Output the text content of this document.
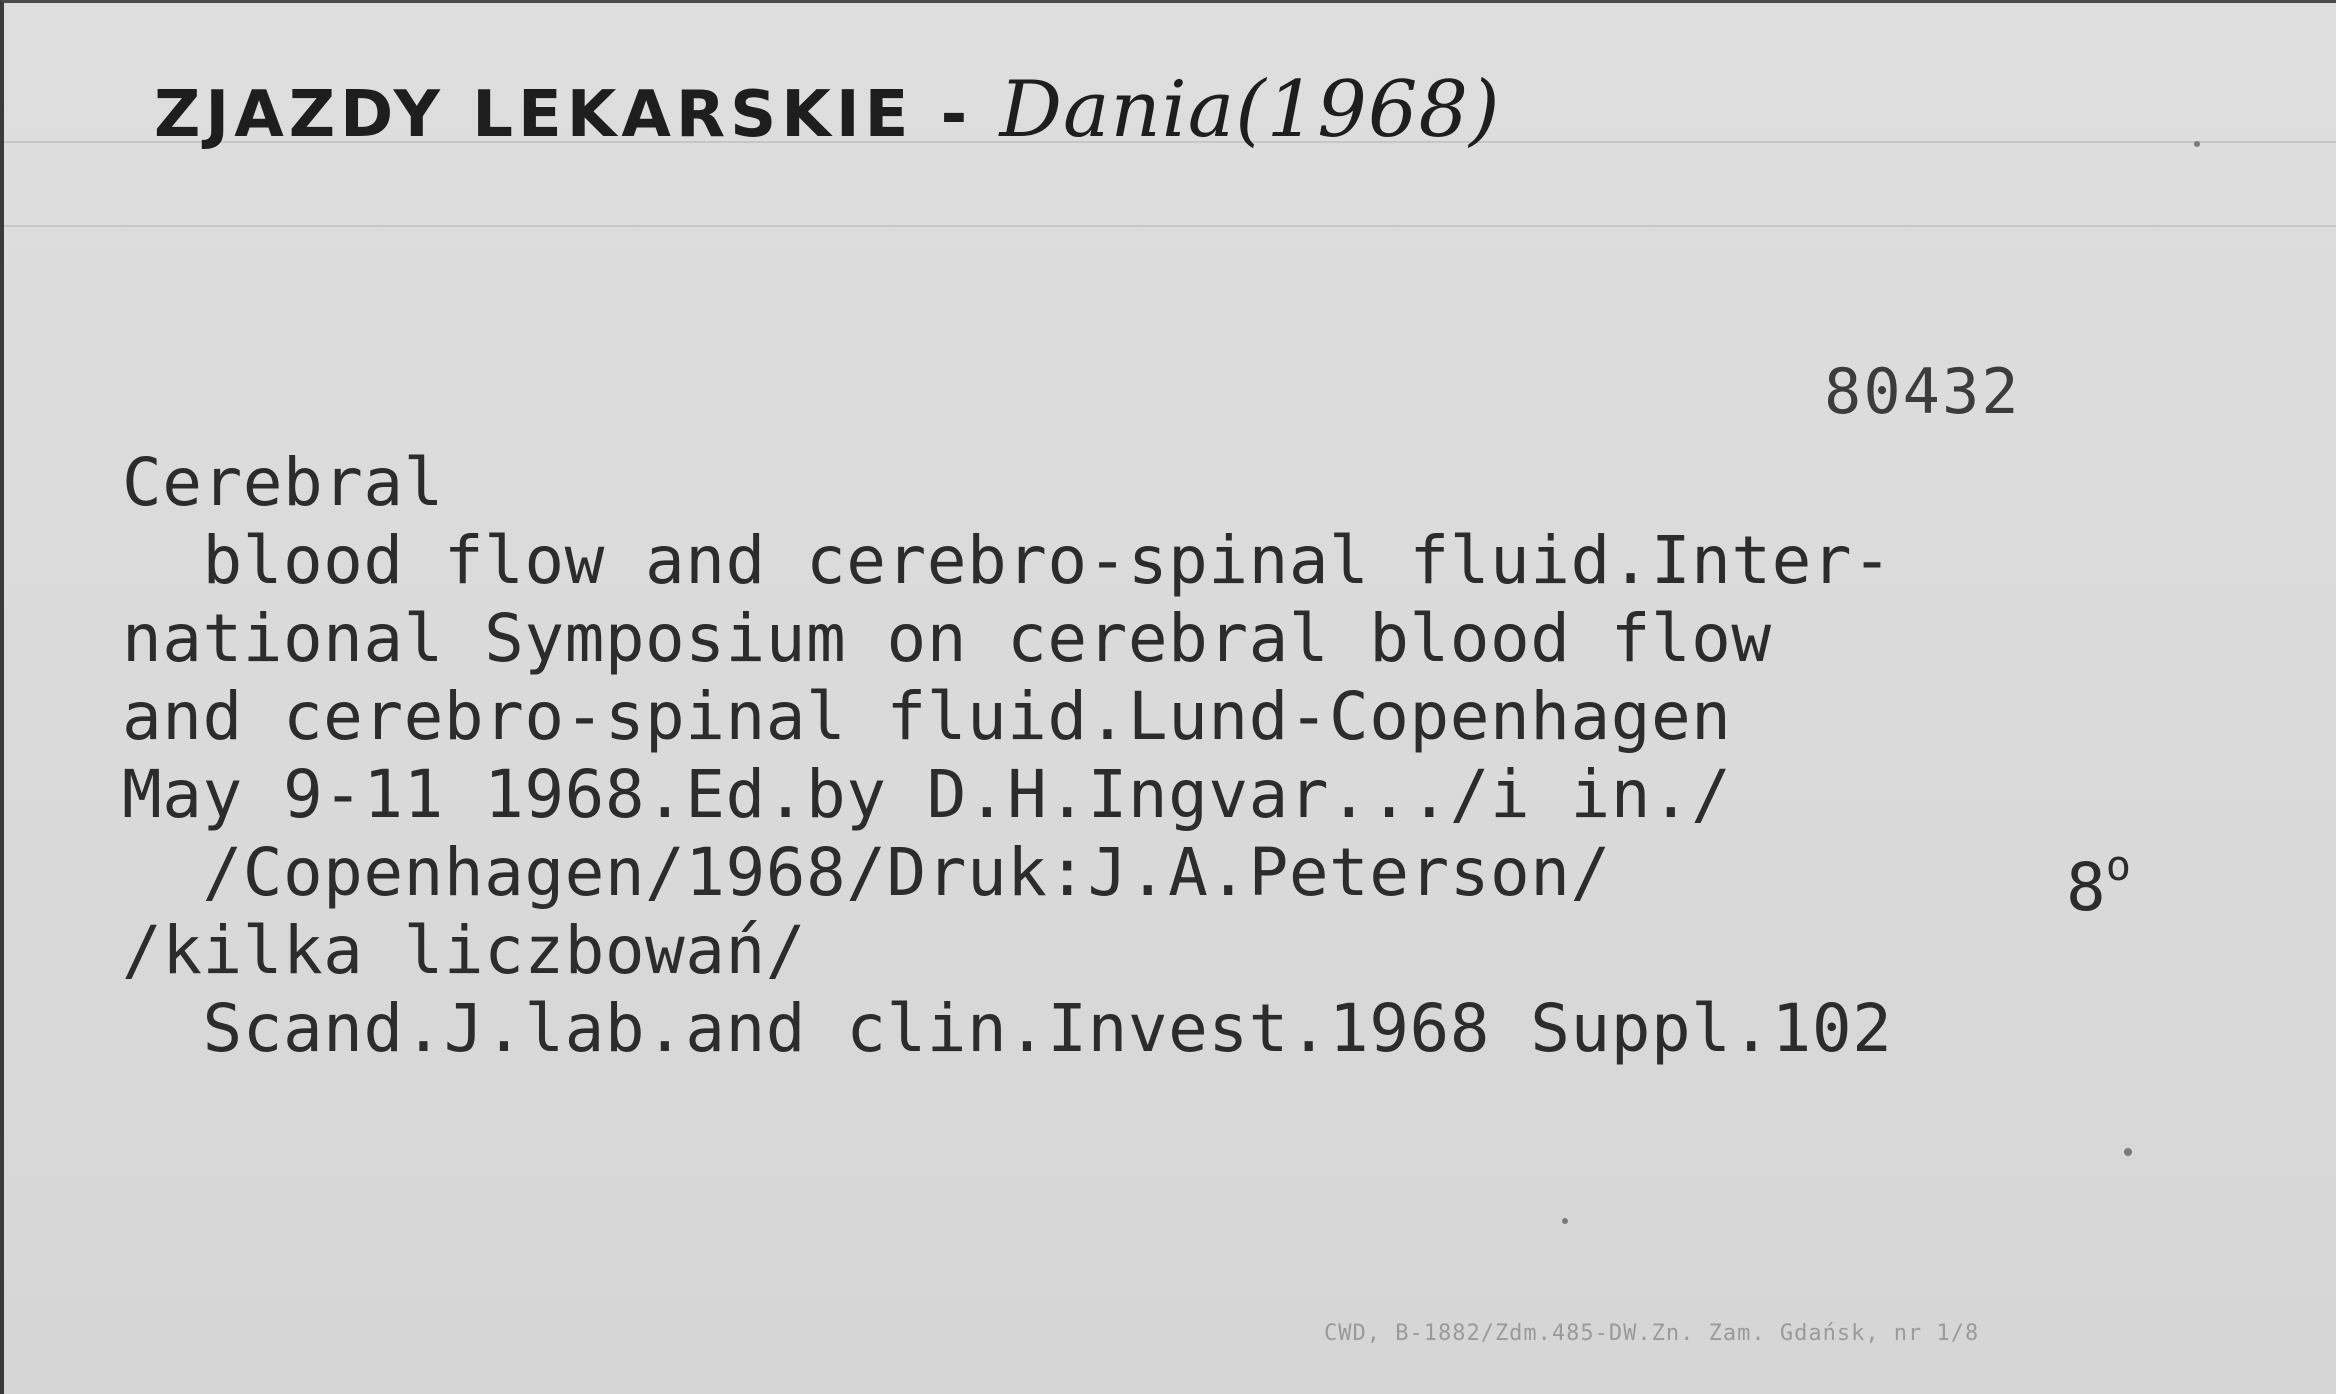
ZJAZDY LEKARSKIE - Dania(1968)
80432
Cerebral
blood flow and cerebro-spinal fluid.Inter-
national Symposium on cerebral blood flow
and cerebro-spinal fluid.Lund-Copenhagen
May 9-11 1968.Ed.by D.H.Ingvar.../i in./
/Copenhagen/1968/Druk:J.A.Peterson/
/kilka liczbowań/
Scand.J.lab.and clin.Invest.1968 Suppl.102
8$^o$
CWD, B-1882/Zdm.485-DW.Zn. Zam. Gdańsk, nr 1/8
